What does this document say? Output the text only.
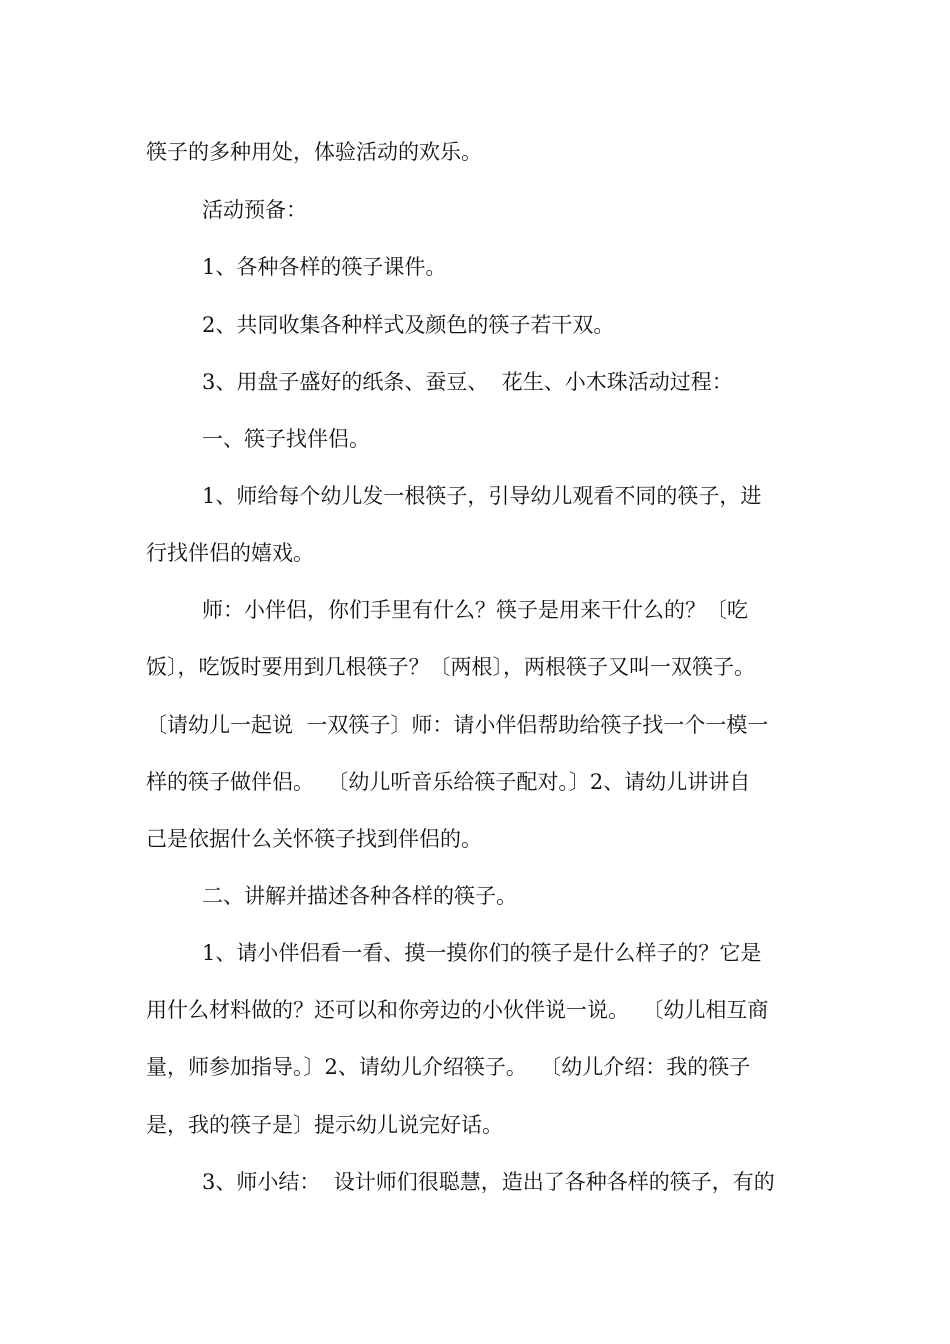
筷子的多种用处，体验活动的欢乐。
活动预备：
1、各种各样的筷子课件。
2、共同收集各种样式及颜色的筷子若干双。
3、用盘子盛好的纸条、蚕豆、  花生、小木珠活动过程：
一、筷子找伴侣。
1、师给每个幼儿发一根筷子，引导幼儿观看不同的筷子，进
行找伴侣的嬉戏。
师：小伴侣，你们手里有什么？筷子是用来干什么的？〔吃
饭〕，吃饭时要用到几根筷子？〔两根〕，两根筷子又叫一双筷子。
〔请幼儿一起说  一双筷子〕师：请小伴侣帮助给筷子找一个一模一
样的筷子做伴侣。  〔幼儿听音乐给筷子配对。〕2、请幼儿讲讲自
己是依据什么关怀筷子找到伴侣的。
二、讲解并描述各种各样的筷子。
1、请小伴侣看一看、摸一摸你们的筷子是什么样子的？它是
用什么材料做的？还可以和你旁边的小伙伴说一说。  〔幼儿相互商
量，师参加指导。〕2、请幼儿介绍筷子。  〔幼儿介绍：我的筷子
是，我的筷子是〕提示幼儿说完好话。
3、师小结：  设计师们很聪慧，造出了各种各样的筷子，有的
